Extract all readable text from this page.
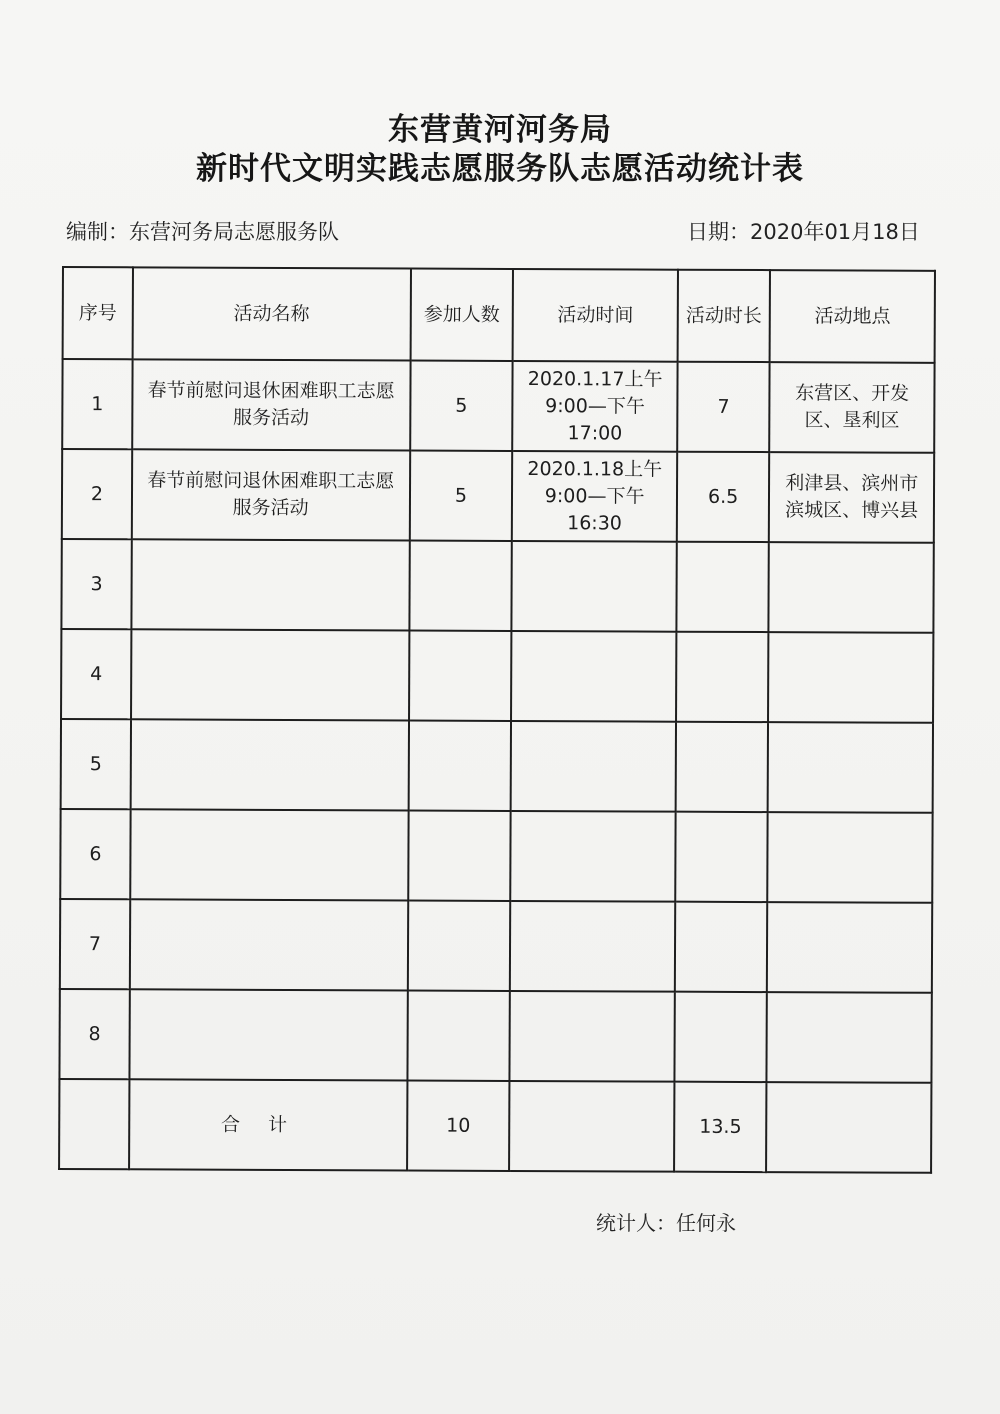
东营黄河河务局
新时代文明实践志愿服务队志愿活动统计表
编制：东营河务局志愿服务队	日期：2020年01月18日
序号	活动名称	参加人数	活动时间	活动时长	活动地点
1	春节前慰问退休困难职工志愿服务活动	5	2020.1.17上午9:00—下午17:00	7	东营区、开发区、垦利区
2	春节前慰问退休困难职工志愿服务活动	5	2020.1.18上午9:00—下午16:30	6.5	利津县、滨州市滨城区、博兴县
3					
4					
5					
6					
7					
8					
	合计	10		13.5	
统计人：任何永
